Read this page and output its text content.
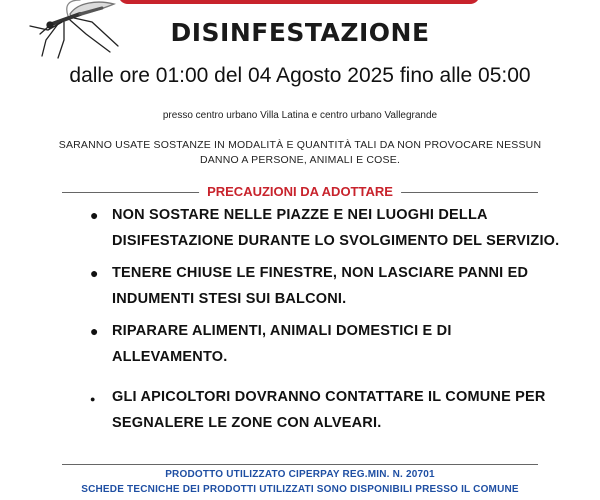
DISINFESTAZIONE
dalle ore 01:00 del 04 Agosto 2025 fino alle 05:00
presso centro urbano Villa Latina e centro urbano Vallegrande
SARANNO USATE SOSTANZE IN MODALITÀ E QUANTITÀ TALI DA NON PROVOCARE NESSUN DANNO A PERSONE, ANIMALI E COSE.
PRECAUZIONI DA ADOTTARE
● NON SOSTARE NELLE PIAZZE E NEI LUOGHI DELLA DISIFESTAZIONE DURANTE LO SVOLGIMENTO DEL SERVIZIO.
● TENERE CHIUSE LE FINESTRE, NON LASCIARE PANNI ED INDUMENTI STESI SUI BALCONI.
● RIPARARE ALIMENTI, ANIMALI DOMESTICI E DI ALLEVAMENTO.
● GLI APICOLTORI DOVRANNO CONTATTARE IL COMUNE PER SEGNALERE LE ZONE CON ALVEARI.
PRODOTTO UTILIZZATO CIPERPAY REG.MIN. N. 20701
SCHEDE TECNICHE DEI PRODOTTI UTILIZZATI SONO DISPONIBILI PRESSO IL COMUNE
